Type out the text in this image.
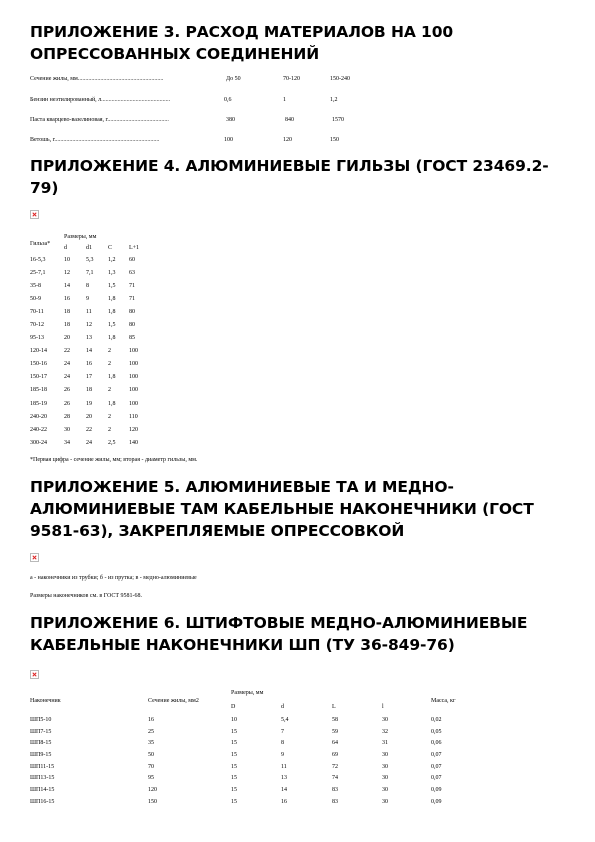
ПРИЛОЖЕНИЕ 3. РАСХОД МАТЕРИАЛОВ НА 100 ОПРЕССОВАННЫХ СОЕДИНЕНИЙ
Сечение жилы, мм.........................................................	До 50	70-120	150-240
Бензин неэтилированный, л..............................................	0,6	1	1,2
Паста кварцево-вазелиновая, г.........................................	380	840	1570
Ветошь, г......................................................................	100	120	150
ПРИЛОЖЕНИЕ 4. АЛЮМИНИЕВЫЕ ГИЛЬЗЫ (ГОСТ 23469.2-79)
Гильза*
Размеры, мм
d	d1	С	L+1
16-5,3	10	5,3	1,2	60
25-7,1	12	7,1	1,3	63
35-8	14	8	1,5	71
50-9	16	9	1,8	71
70-11	18	11	1,8	80
70-12	18	12	1,5	80
95-13	20	13	1,8	85
120-14	22	14	2	100
150-16	24	16	2	100
150-17	24	17	1,8	100
185-18	26	18	2	100
185-19	26	19	1,8	100
240-20	28	20	2	110
240-22	30	22	2	120
300-24	34	24	2,5	140
*Первая цифра - сечение жилы, мм; вторая - диаметр гильзы, мм.
ПРИЛОЖЕНИЕ 5. АЛЮМИНИЕВЫЕ ТА И МЕДНО-АЛЮМИНИЕВЫЕ ТАМ КАБЕЛЬНЫЕ НАКОНЕЧНИКИ (ГОСТ 9581-63), ЗАКРЕПЛЯЕМЫЕ ОПРЕССОВКОЙ
а - наконечники из трубки; б - из прутка; в - медно-алюминиевые
Размеры наконечников см. в ГОСТ 9581-68.
ПРИЛОЖЕНИЕ 6. ШТИФТОВЫЕ МЕДНО-АЛЮМИНИЕВЫЕ КАБЕЛЬНЫЕ НАКОНЕЧНИКИ ШП (ТУ 36-849-76)
Наконечник	Сечение жилы, мм2
Размеры, мм
Масса, кг
D	d	L	l
ШП5-10	16	10	5,4	58	30	0,02
ШП7-15	25	15	7	59	32	0,05
ШП8-15	35	15	8	64	31	0,06
ШП9-15	50	15	9	69	30	0,07
ШП11-15	70	15	11	72	30	0,07
ШП13-15	95	15	13	74	30	0,07
ШП14-15	120	15	14	83	30	0,09
ШП16-15	150	15	16	83	30	0,09
